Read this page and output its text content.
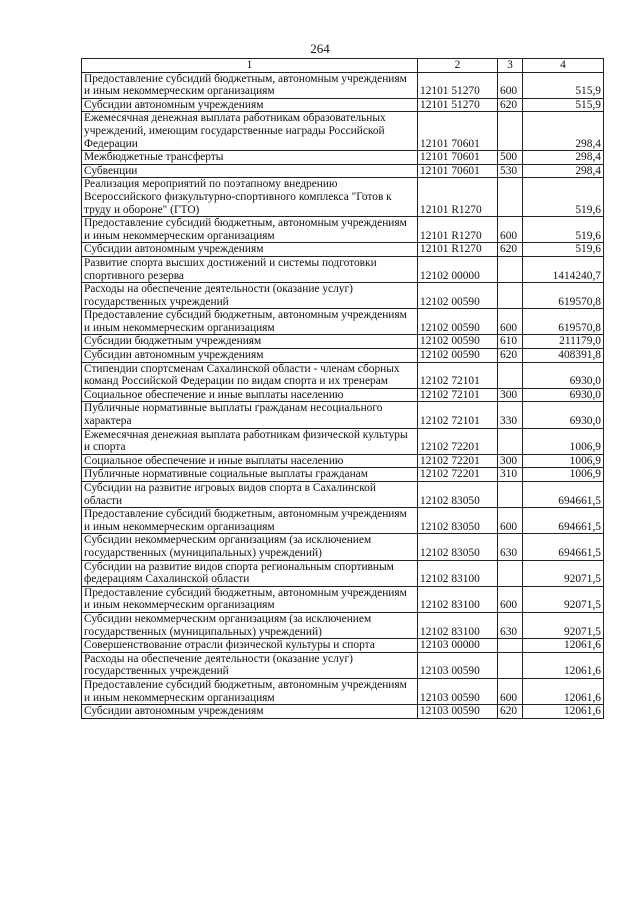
264
1	2	3	4
Предоставление субсидий бюджетным, автономным учреждениям и иным некоммерческим организациям	12101 51270	600	515,9
Субсидии автономным учреждениям	12101 51270	620	515,9
Ежемесячная денежная выплата работникам образовательных учреждений, имеющим государственные награды Российской Федерации	12101 70601		298,4
Межбюджетные трансферты	12101 70601	500	298,4
Субвенции	12101 70601	530	298,4
Реализация мероприятий по поэтапному внедрению Всероссийского физкультурно-спортивного комплекса "Готов к труду и обороне" (ГТО)	12101 R1270		519,6
Предоставление субсидий бюджетным, автономным учреждениям и иным некоммерческим организациям	12101 R1270	600	519,6
Субсидии автономным учреждениям	12101 R1270	620	519,6
Развитие спорта высших достижений и системы подготовки спортивного резерва	12102 00000		1414240,7
Расходы на обеспечение деятельности (оказание услуг) государственных учреждений	12102 00590		619570,8
Предоставление субсидий бюджетным, автономным учреждениям и иным некоммерческим организациям	12102 00590	600	619570,8
Субсидии бюджетным учреждениям	12102 00590	610	211179,0
Субсидии автономным учреждениям	12102 00590	620	408391,8
Стипендии спортсменам Сахалинской области - членам сборных команд Российской Федерации по видам спорта и их тренерам	12102 72101		6930,0
Социальное обеспечение и иные выплаты населению	12102 72101	300	6930,0
Публичные нормативные выплаты гражданам несоциального характера	12102 72101	330	6930,0
Ежемесячная денежная выплата работникам физической культуры и спорта	12102 72201		1006,9
Социальное обеспечение и иные выплаты населению	12102 72201	300	1006,9
Публичные нормативные социальные выплаты гражданам	12102 72201	310	1006,9
Субсидии на развитие игровых видов спорта в Сахалинской области	12102 83050		694661,5
Предоставление субсидий бюджетным, автономным учреждениям и иным некоммерческим организациям	12102 83050	600	694661,5
Субсидии некоммерческим организациям (за исключением государственных (муниципальных) учреждений)	12102 83050	630	694661,5
Субсидии на развитие видов спорта региональным спортивным федерациям Сахалинской области	12102 83100		92071,5
Предоставление субсидий бюджетным, автономным учреждениям и иным некоммерческим организациям	12102 83100	600	92071,5
Субсидии некоммерческим организациям (за исключением государственных (муниципальных) учреждений)	12102 83100	630	92071,5
Совершенствование отрасли физической культуры и спорта	12103 00000		12061,6
Расходы на обеспечение деятельности (оказание услуг) государственных учреждений	12103 00590		12061,6
Предоставление субсидий бюджетным, автономным учреждениям и иным некоммерческим организациям	12103 00590	600	12061,6
Субсидии автономным учреждениям	12103 00590	620	12061,6
